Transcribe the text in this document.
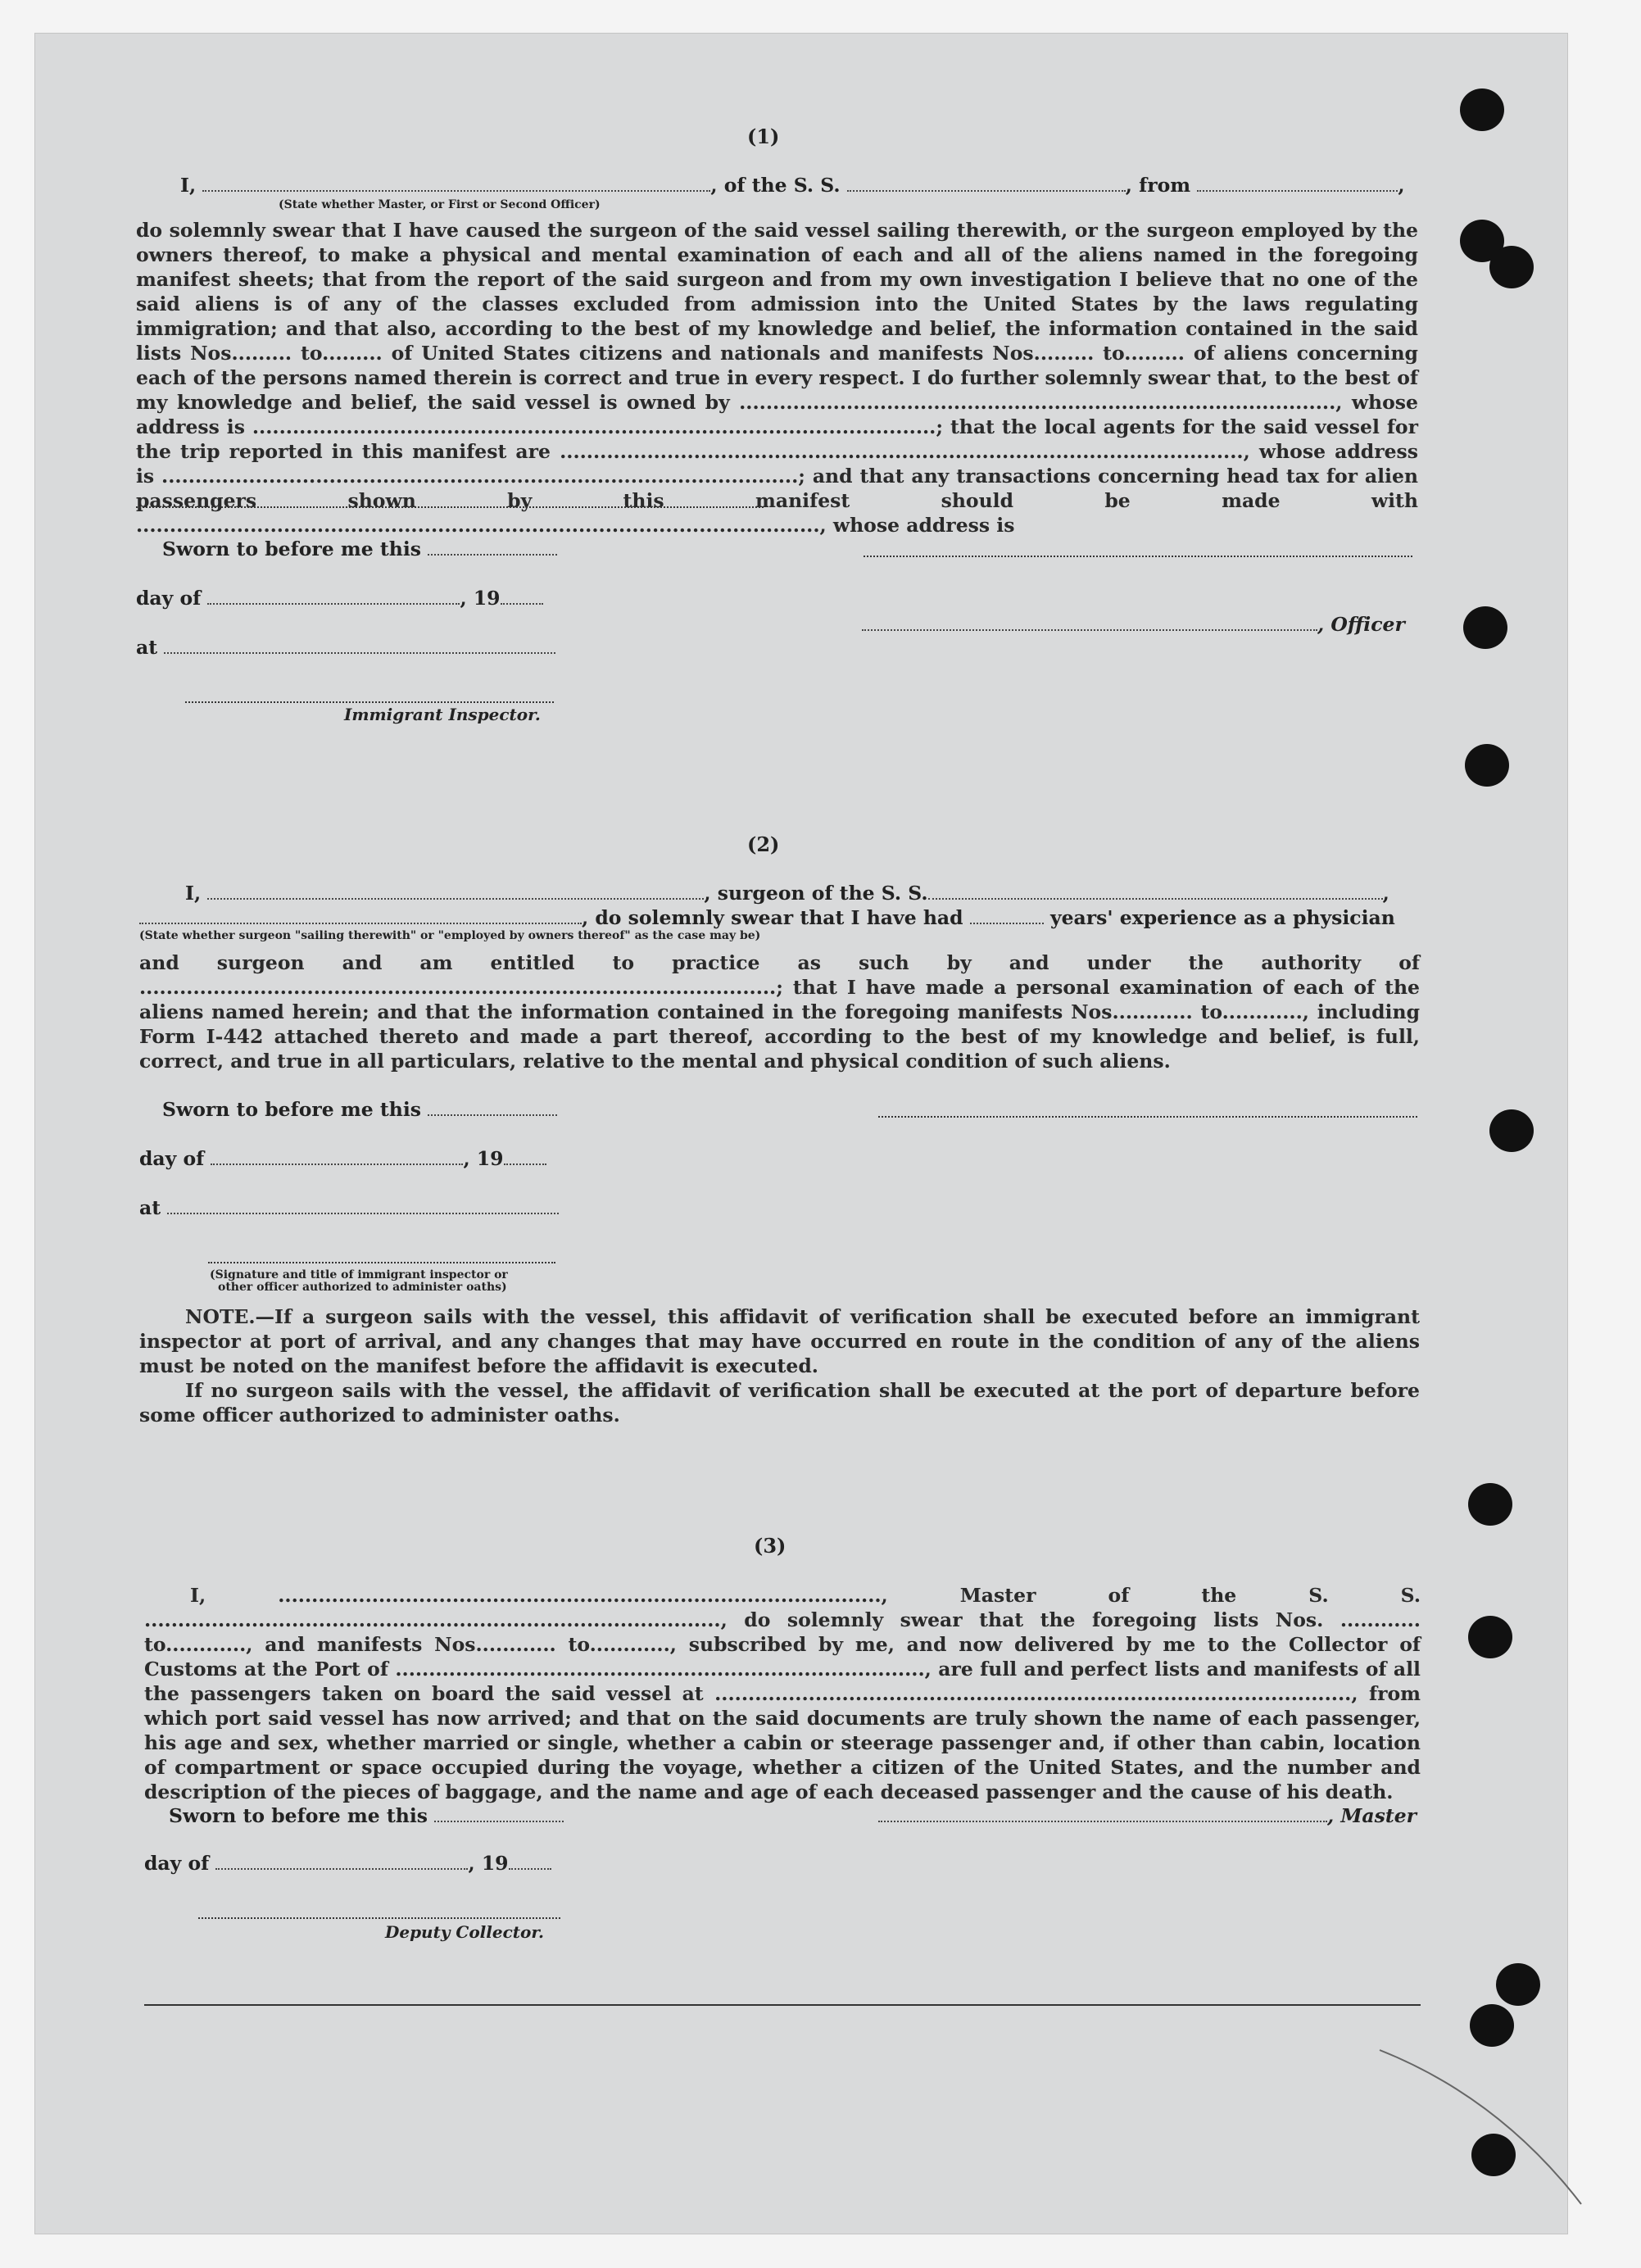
(1)
I,	, of the S. S.	, from	,
(State whether Master, or First or Second Officer)
do solemnly swear that I have caused the surgeon of the said vessel sailing therewith, or the surgeon employed by the owners thereof, to make a physical and mental examination of each and all of the aliens named in the foregoing manifest sheets; that from the report of the said surgeon and from my own investigation I believe that no one of the said aliens is of any of the classes excluded from admission into the United States by the laws regulating immigration; and that also, according to the best of my knowledge and belief, the information contained in the said lists Nos......... to......... of United States citizens and nationals and manifests Nos......... to......... of aliens concerning each of the persons named therein is correct and true in every respect. I do further solemnly swear that, to the best of my knowledge and belief, the said vessel is owned by ........................................................................................., whose address is ......................................................................................................; that the local agents for the said vessel for the trip reported in this manifest are ......................................................................................................, whose address is ...............................................................................................; and that any transactions concerning head tax for alien passengers shown by this manifest should be made with ......................................................................................................, whose address is
Sworn to before me this
day of	, 19
, Officer
at
Immigrant Inspector.
(2)
I,	, surgeon of the S. S.	,
, do solemnly swear that I have had	years' experience as a physician
(State whether surgeon "sailing therewith" or "employed by owners thereof" as the case may be)
and surgeon and am entitled to practice as such by and under the authority of ...............................................................................................; that I have made a personal examination of each of the aliens named herein; and that the information contained in the foregoing manifests Nos............ to............, including Form I-442 attached thereto and made a part thereof, according to the best of my knowledge and belief, is full, correct, and true in all particulars, relative to the mental and physical condition of such aliens.
Sworn to before me this
day of	, 19
at
(Signature and title of immigrant inspector or
other officer authorized to administer oaths)
NOTE.—If a surgeon sails with the vessel, this affidavit of verification shall be executed before an immigrant inspector at port of arrival, and any changes that may have occurred en route in the condition of any of the aliens must be noted on the manifest before the affidavit is executed.
If no surgeon sails with the vessel, the affidavit of verification shall be executed at the port of departure before some officer authorized to administer oaths.
(3)
I, .........................................................................................., Master of the S. S. ......................................................................................, do solemnly swear that the foregoing lists Nos. ............ to............, and manifests Nos............ to............, subscribed by me, and now delivered by me to the Collector of Customs at the Port of ..............................................................................., are full and perfect lists and manifests of all the passengers taken on board the said vessel at ..............................................................................................., from which port said vessel has now arrived; and that on the said documents are truly shown the name of each passenger, his age and sex, whether married or single, whether a cabin or steerage passenger and, if other than cabin, location of compartment or space occupied during the voyage, whether a citizen of the United States, and the number and description of the pieces of baggage, and the name and age of each deceased passenger and the cause of his death.
Sworn to before me this	, Master
day of	, 19
Deputy Collector.
